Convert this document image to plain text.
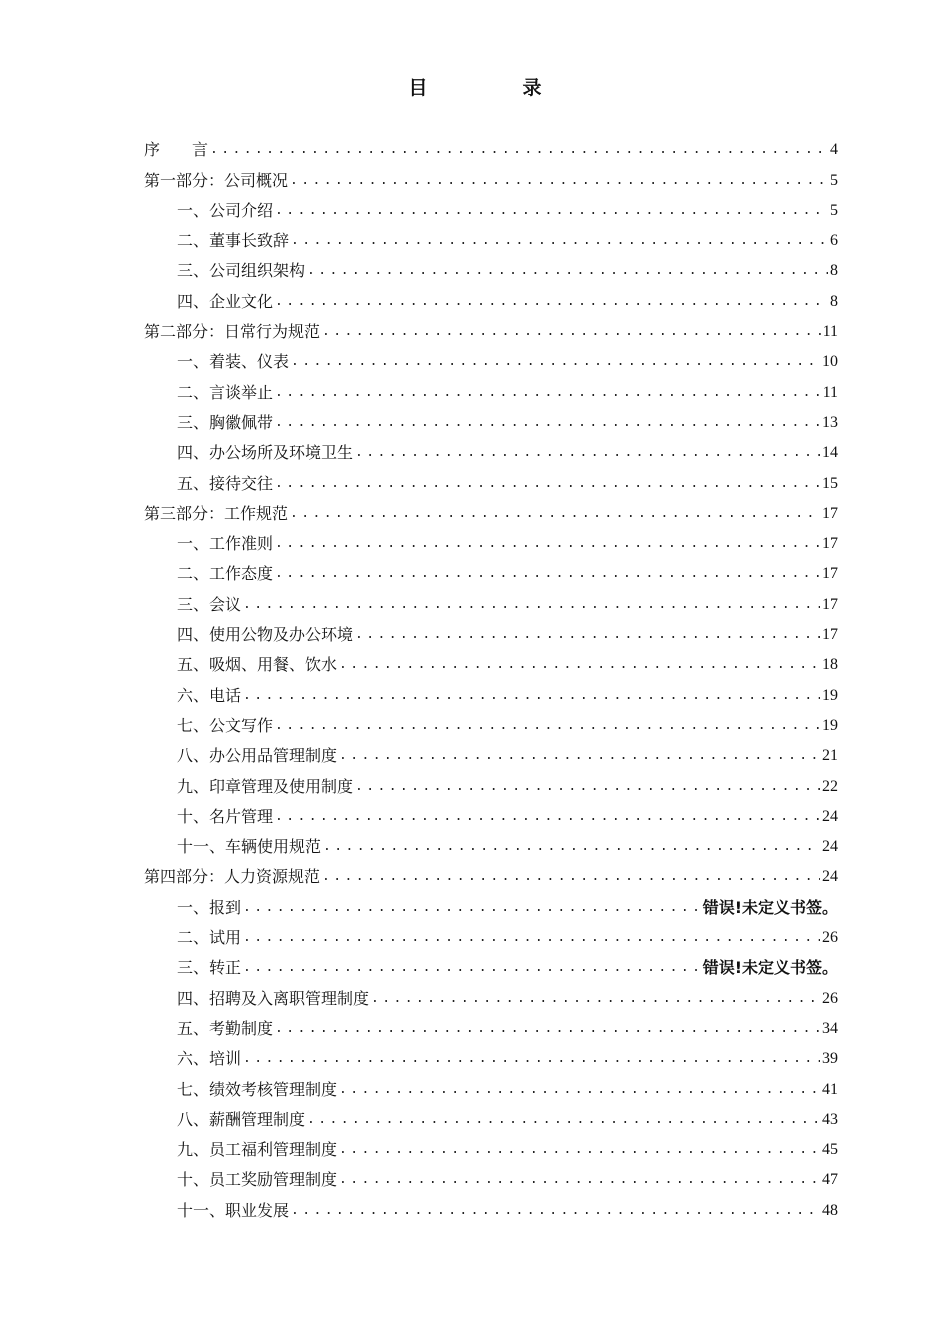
目　录
序　　言 .....	4
第一部分：公司概况 .....	5
一、公司介绍 .....	5
二、董事长致辞 .....	6
三、公司组织架构 .....	8
四、企业文化 .....	8
第二部分：日常行为规范 .....	11
一、着装、仪表 .....	10
二、言谈举止 .....	11
三、胸徽佩带 .....	13
四、办公场所及环境卫生 .....	14
五、接待交往 .....	15
第三部分：工作规范 .....	17
一、工作准则 .....	17
二、工作态度 .....	17
三、会议 .....	17
四、使用公物及办公环境 .....	17
五、吸烟、用餐、饮水 .....	18
六、电话 .....	19
七、公文写作 .....	19
八、办公用品管理制度 .....	21
九、印章管理及使用制度 .....	22
十、名片管理 .....	24
十一、车辆使用规范 .....	24
第四部分：人力资源规范 .....	24
一、报到 .....	错误!未定义书签。
二、试用 .....	26
三、转正 .....	错误!未定义书签。
四、招聘及入离职管理制度 .....	26
五、考勤制度 .....	34
六、培训 .....	39
七、绩效考核管理制度 .....	41
八、薪酬管理制度 .....	43
九、员工福利管理制度 .....	45
十、员工奖励管理制度 .....	47
十一、职业发展 .....	48
